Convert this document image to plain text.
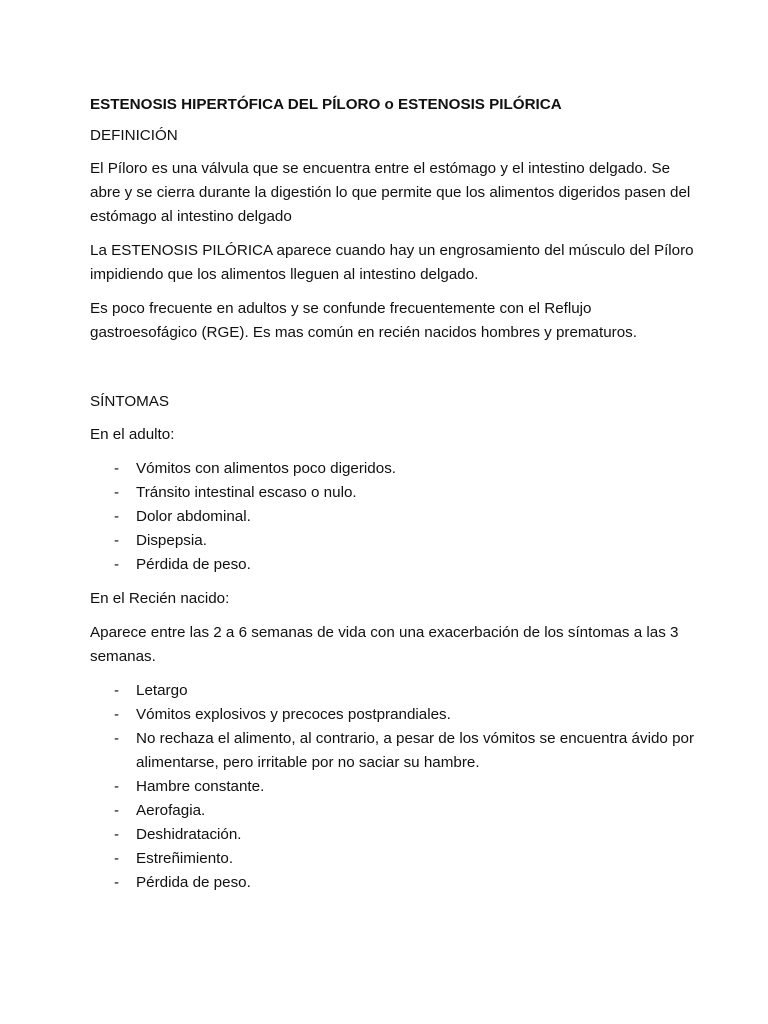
ESTENOSIS HIPERTÓFICA DEL PÍLORO o ESTENOSIS PILÓRICA
DEFINICIÓN

El Píloro es una válvula que se encuentra entre el estómago y el intestino delgado. Se abre y se cierra durante la digestión lo que permite que los alimentos digeridos pasen del estómago al intestino delgado

La ESTENOSIS PILÓRICA aparece cuando hay un engrosamiento del músculo del Píloro impidiendo que los alimentos lleguen al intestino delgado.

Es poco frecuente en adultos y se confunde frecuentemente con el Reflujo gastroesofágico (RGE). Es mas común en recién nacidos hombres y prematuros.

SÍNTOMAS

En el adulto:

- Vómitos con alimentos poco digeridos.
- Tránsito intestinal escaso o nulo.
- Dolor abdominal.
- Dispepsia.
- Pérdida de peso.

En el Recién nacido:

Aparece entre las 2 a 6 semanas de vida con una exacerbación de los síntomas a las 3 semanas.

- Letargo
- Vómitos explosivos y precoces postprandiales.
- No rechaza el alimento, al contrario, a pesar de los vómitos se encuentra ávido por alimentarse, pero irritable por no saciar su hambre.
- Hambre constante.
- Aerofagia.
- Deshidratación.
- Estreñimiento.
- Pérdida de peso.
